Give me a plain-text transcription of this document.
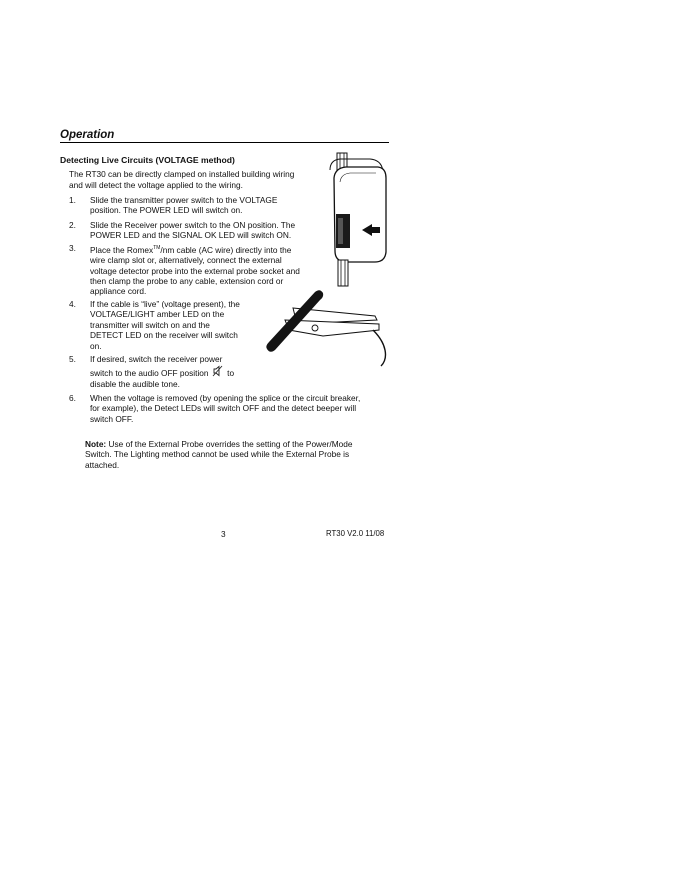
Operation
Detecting Live Circuits (VOLTAGE method)
The RT30 can be directly clamped on installed building wiring
and will detect the voltage applied to the wiring.
1. Slide the transmitter power switch to the VOLTAGE
position. The POWER LED will switch on.
2. Slide the Receiver power switch to the ON position. The
POWER LED and the SIGNAL OK LED will switch ON.
3. Place the Romex™/nm cable (AC wire) directly into the
wire clamp slot or, alternatively, connect the external
voltage detector probe into the external probe socket and
then clamp the probe to any cable, extension cord or
appliance cord.
4. If the cable is “live” (voltage present), the
VOLTAGE/LIGHT amber LED on the
transmitter will switch on and the
DETECT LED on the receiver will switch
on.
5. If desired, switch the receiver power
switch to the audio OFF position to
disable the audible tone.
6. When the voltage is removed (by opening the splice or the circuit breaker,
for example), the Detect LEDs will switch OFF and the detect beeper will
switch OFF.
Note: Use of the External Probe overrides the setting of the Power/Mode
Switch. The Lighting method cannot be used while the External Probe is
attached.
3	RT30 V2.0 11/08
